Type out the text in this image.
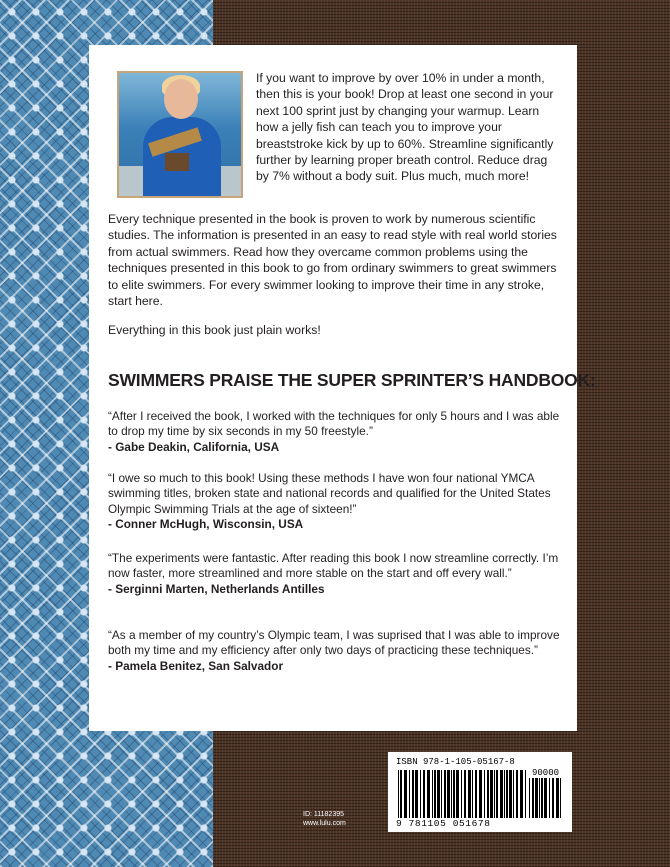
If you want to improve by over 10% in under a month, then this is your book! Drop at least one second in your next 100 sprint just by changing your warmup. Learn how a jelly fish can teach you to improve your breaststroke kick by up to 60%. Streamline significantly further by learning proper breath control. Reduce drag by 7% without a body suit. Plus much, much more!

Every technique presented in the book is proven to work by numerous scientific studies. The information is presented in an easy to read style with real world stories from actual swimmers. Read how they overcame common problems using the techniques presented in this book to go from ordinary swimmers to great swimmers to elite swimmers. For every swimmer looking to improve their time in any stroke, start here.

Everything in this book just plain works!

SWIMMERS PRAISE THE SUPER SPRINTER’S HANDBOOK:
“After I received the book, I worked with the techniques for only 5 hours and I was able to drop my time by six seconds in my 50 freestyle.”
- Gabe Deakin, California, USA
“I owe so much to this book! Using these methods I have won four national YMCA swimming titles, broken state and national records and qualified for the United States Olympic Swimming Trials at the age of sixteen!”
- Conner McHugh, Wisconsin, USA
“The experiments were fantastic. After reading this book I now streamline correctly. I’m now faster, more streamlined and more stable on the start and off every wall.”
- Serginni Marten, Netherlands Antilles
“As a member of my country’s Olympic team, I was suprised that I was able to improve both my time and my efficiency after only two days of practicing these techniques.”
- Pamela Benitez, San Salvador
ID: 11182395
www.lulu.com
ISBN 978-1-105-05167-8
90000
9 781105 051678
